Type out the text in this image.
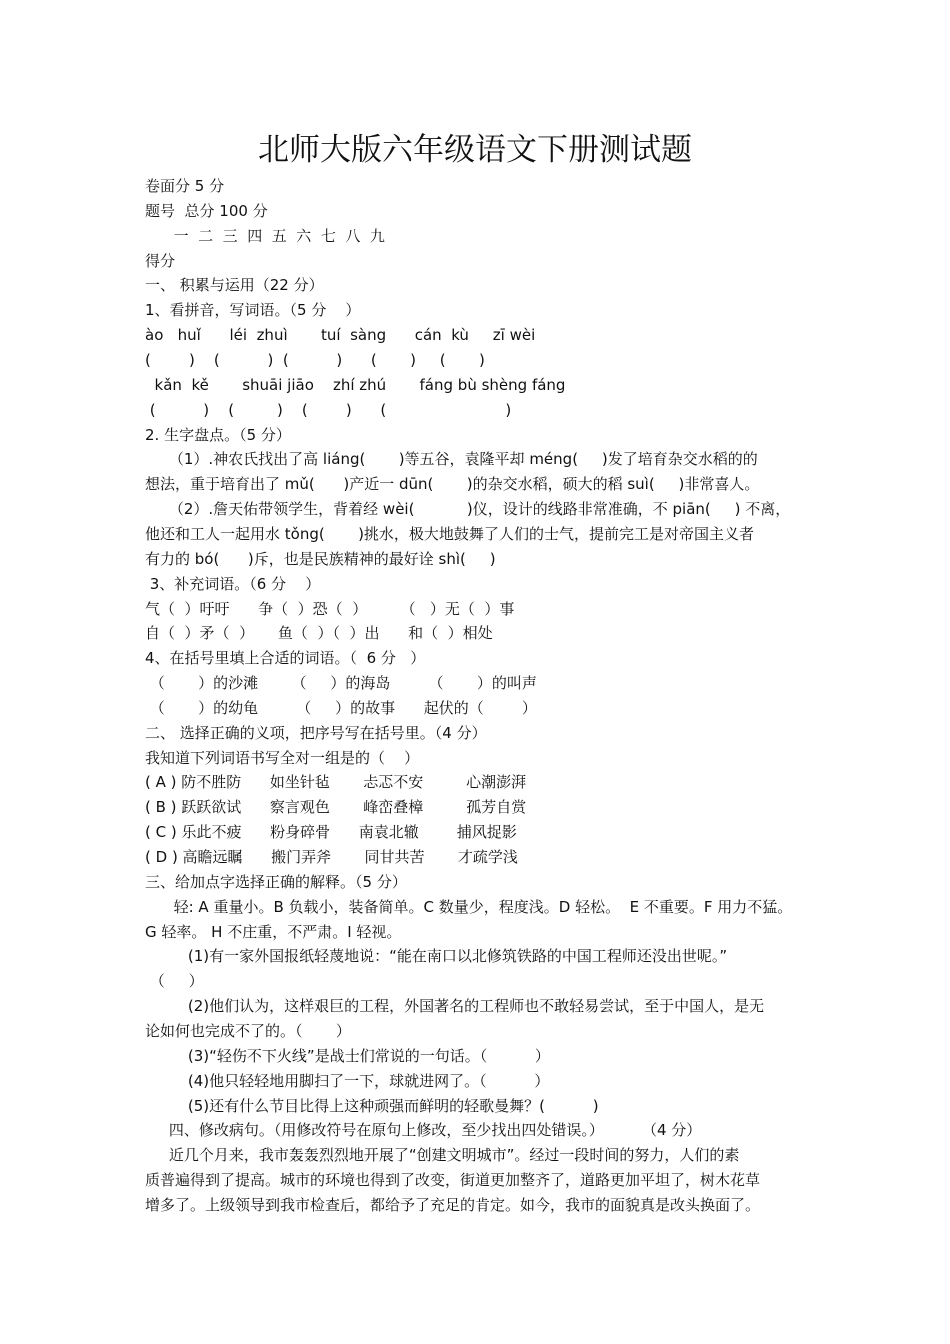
北师大版六年级语文下册测试题
卷面分 5 分
题号  总分 100 分
一  二  三  四  五  六  七  八  九
得分
一、 积累与运用（22 分）
1、看拼音，写词语。（5 分    ）
ào   huǐ      léi  zhuì       tuí  sàng      cán  kù     zī wèi
(        )    (          )  (          )      (       )     (       )
kǎn  kě       shuāi jiāo    zhí zhú       fáng bù shèng fáng
(          )    (         )    (        )      (                         )
2. 生字盘点。（5 分）
（1）.神农氏找出了高 liáng(       )等五谷，袁隆平却 méng(     )发了培育杂交水稻的的
想法，重于培育出了 mǔ(      )产近一 dūn(       )的杂交水稻，硕大的稻 suì(     )非常喜人。
（2）.詹天佑带领学生，背着经 wèi(           )仪，设计的线路非常准确，不 piān(     ) 不离，
他还和工人一起用水 tǒng(       )挑水，极大地鼓舞了人们的士气，提前完工是对帝国主义者
有力的 bó(      )斥，也是民族精神的最好诠 shì(     )
3、补充词语。（6 分    ）
气（  ）吁吁      争（  ）恐（  ）       （   ）无（  ）事
自（  ）矛（  ）     鱼（  ）（  ）出      和（  ）相处
4、在括号里填上合适的词语。（  6 分   ）
（       ）的沙滩       （     ）的海岛        （       ）的叫声
（       ）的幼龟        （     ）的故事      起伏的（        ）
二、 选择正确的义项，把序号写在括号里。（4 分）
我知道下列词语书写全对一组是的（    ）
( A ) 防不胜防      如坐针毡       忐忑不安         心潮澎湃
( B ) 跃跃欲试      察言观色       峰峦叠樟         孤芳自赏
( C ) 乐此不疲      粉身碎骨      南袁北辙        捕风捉影
( D ) 高瞻远瞩      搬门弄斧       同甘共苦       才疏学浅
三、给加点字选择正确的解释。（5 分）
轻: A 重量小。B 负载小，装备简单。C 数量少，程度浅。D 轻松。  E 不重要。F 用力不猛。
G 轻率。 H 不庄重，不严肃。I 轻视。
(1)有一家外国报纸轻蔑地说：“能在南口以北修筑铁路的中国工程师还没出世呢。”
（     ）
(2)他们认为，这样艰巨的工程，外国著名的工程师也不敢轻易尝试，至于中国人，是无
论如何也完成不了的。（       ）
(3)“轻伤不下火线”是战士们常说的一句话。（          ）
(4)他只轻轻地用脚扫了一下，球就进网了。（          ）
(5)还有什么节目比得上这种顽强而鲜明的轻歌曼舞？(          )
四、修改病句。（用修改符号在原句上修改，至少找出四处错误。）        （4 分）
近几个月来，我市轰轰烈烈地开展了“创建文明城市”。经过一段时间的努力，人们的素
质普遍得到了提高。城市的环境也得到了改变，街道更加整齐了，道路更加平坦了，树木花草
增多了。上级领导到我市检查后，都给予了充足的肯定。如今，我市的面貌真是改头换面了。
